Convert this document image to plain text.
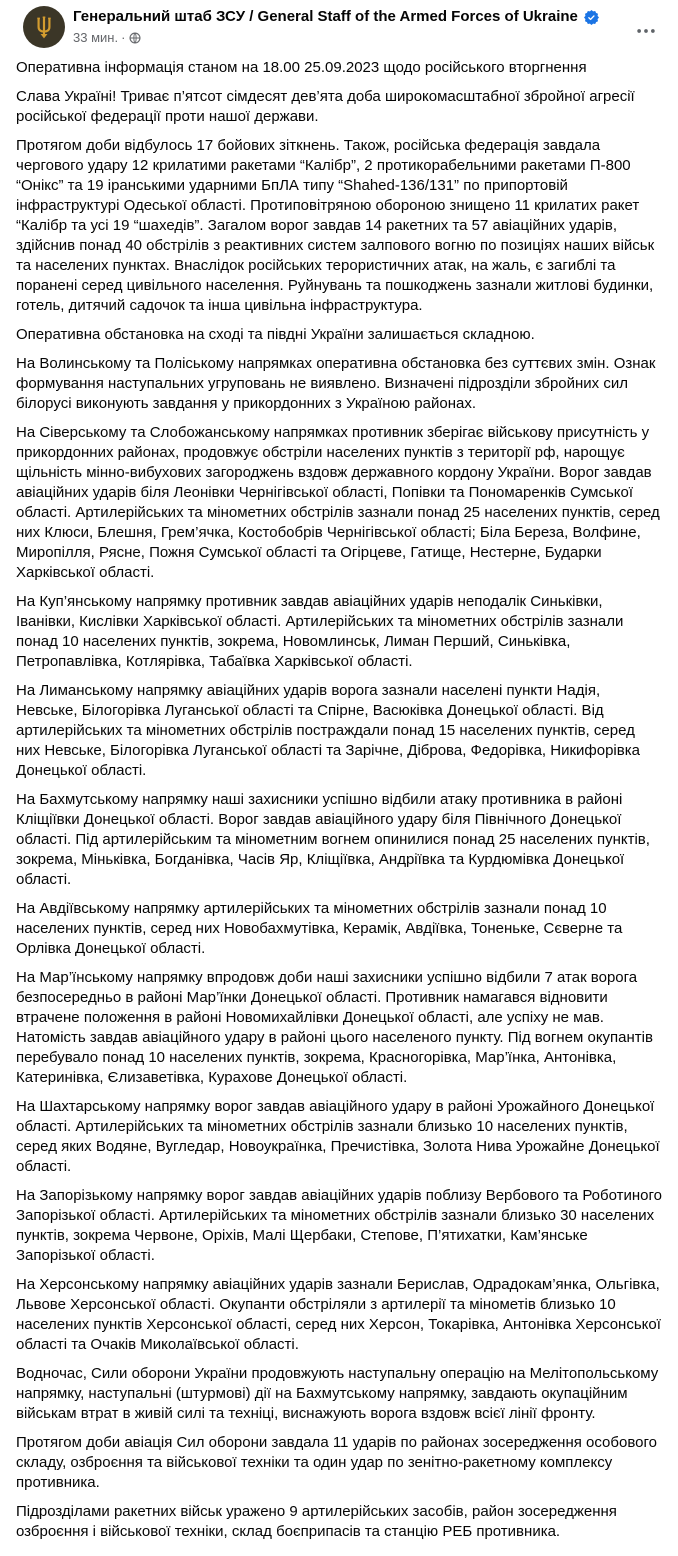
Генеральний штаб ЗСУ / General Staff of the Armed Forces of Ukraine
33 мин. ·

Оперативна інформація станом на 18.00 25.09.2023 щодо російського вторгнення

Слава Україні! Триває п’ятсот сімдесят дев’ята доба широкомасштабної збройної агресії російської федерації проти нашої держави.

Протягом доби відбулось 17 бойових зіткнень. Також, російська федерація завдала чергового удару 12 крилатими ракетами “Калібр”, 2 протикорабельними ракетами П-800 “Онікс” та 19 іранськими ударними БпЛА типу “Shahed-136/131” по припортовій інфраструктурі Одеської області. Протиповітряною обороною знищено 11 крилатих ракет “Калібр та усі 19 “шахедів”. Загалом ворог завдав 14 ракетних та 57 авіаційних ударів, здійснив понад 40 обстрілів з реактивних систем залпового вогню по позиціях наших військ та населених пунктах. Внаслідок російських терористичних атак, на жаль, є загиблі та поранені серед цивільного населення. Руйнувань та пошкоджень зазнали житлові будинки, готель, дитячий садочок та інша цивільна інфраструктура.

Оперативна обстановка на сході та півдні України залишається складною.

На Волинському та Поліському напрямках оперативна обстановка без суттєвих змін. Ознак формування наступальних угруповань не виявлено. Визначені підрозділи збройних сил білорусі виконують завдання у прикордонних з Україною районах.

На Сіверському та Слобожанському напрямках противник зберігає військову присутність у прикордонних районах, продовжує обстріли населених пунктів з території рф, нарощує щільність мінно-вибухових загороджень вздовж державного кордону України. Ворог завдав авіаційних ударів біля Леонівки Чернігівської області, Попівки та Пономаренків Сумської області. Артилерійських та мінометних обстрілів зазнали понад 25 населених пунктів, серед них Клюси, Блешня, Грем’ячка, Костобобрів Чернігівської області; Біла Береза, Волфине, Миропілля, Рясне, Пожня Сумської області та Огірцеве, Гатище, Нестерне, Бударки Харківської області.

На Куп’янському напрямку противник завдав авіаційних ударів неподалік Синьківки, Іванівки, Кислівки Харківської області. Артилерійських та мінометних обстрілів зазнали понад 10 населених пунктів, зокрема, Новомлинськ, Лиман Перший, Синьківка, Петропавлівка, Котлярівка, Табаївка Харківської області.

На Лиманському напрямку авіаційних ударів ворога зазнали населені пункти Надія, Невське, Білогорівка Луганської області та Спірне, Васюківка Донецької області. Від артилерійських та мінометних обстрілів постраждали понад 15 населених пунктів, серед них Невське, Білогорівка Луганської області та Зарічне, Діброва, Федорівка, Никифорівка Донецької області.

На Бахмутському напрямку наші захисники успішно відбили атаку противника в районі Кліщіївки Донецької області. Ворог завдав авіаційного удару біля Північного Донецької області. Під артилерійським та мінометним вогнем опинилися понад 25 населених пунктів, зокрема, Міньківка, Богданівка, Часів Яр, Кліщіївка, Андріївка та Курдюмівка Донецької області.

На Авдіївському напрямку артилерійських та мінометних обстрілів зазнали понад 10 населених пунктів, серед них Новобахмутівка, Керамік, Авдіївка, Тоненьке, Сєверне та Орлівка Донецької області.

На Мар’їнському напрямку впродовж доби наші захисники успішно відбили 7 атак ворога безпосередньо в районі Мар’їнки Донецької області. Противник намагався відновити втрачене положення в районі Новомихайлівки Донецької області, але успіху не мав. Натомість завдав авіаційного удару в районі цього населеного пункту. Під вогнем окупантів перебувало понад 10 населених пунктів, зокрема, Красногорівка, Мар’їнка, Антонівка, Катеринівка, Єлизаветівка, Курахове Донецької області.

На Шахтарському напрямку ворог завдав авіаційного удару в районі Урожайного Донецької області. Артилерійських та мінометних обстрілів зазнали близько 10 населених пунктів, серед яких Водяне, Вугледар, Новоукраїнка, Пречистівка, Золота Нива Урожайне Донецької області.

На Запорізькому напрямку ворог завдав авіаційних ударів поблизу Вербового та Роботиного Запорізької області. Артилерійських та мінометних обстрілів зазнали близько 30 населених пунктів, зокрема Червоне, Оріхів, Малі Щербаки, Степове, П’ятихатки, Кам’янське Запорізької області.

На Херсонському напрямку авіаційних ударів зазнали Берислав, Одрадокам’янка, Ольгівка, Львове Херсонської області. Окупанти обстріляли з артилерії та мінометів близько 10 населених пунктів Херсонської області, серед них Херсон, Токарівка, Антонівка Херсонської області та Очаків Миколаївської області.

Водночас, Сили оборони України продовжують наступальну операцію на Мелітопольському напрямку, наступальні (штурмові) дії на Бахмутському напрямку, завдають окупаційним військам втрат в живій силі та техніці, виснажують ворога вздовж всієї лінії фронту.

Протягом доби авіація Сил оборони завдала 11 ударів по районах зосередження особового складу, озброєння та військової техніки та один удар по зенітно-ракетному комплексу противника.

Підрозділами ракетних військ уражено 9 артилерійських засобів, район зосередження озброєння і військової техніки, склад боєприпасів та станцію РЕБ противника.
